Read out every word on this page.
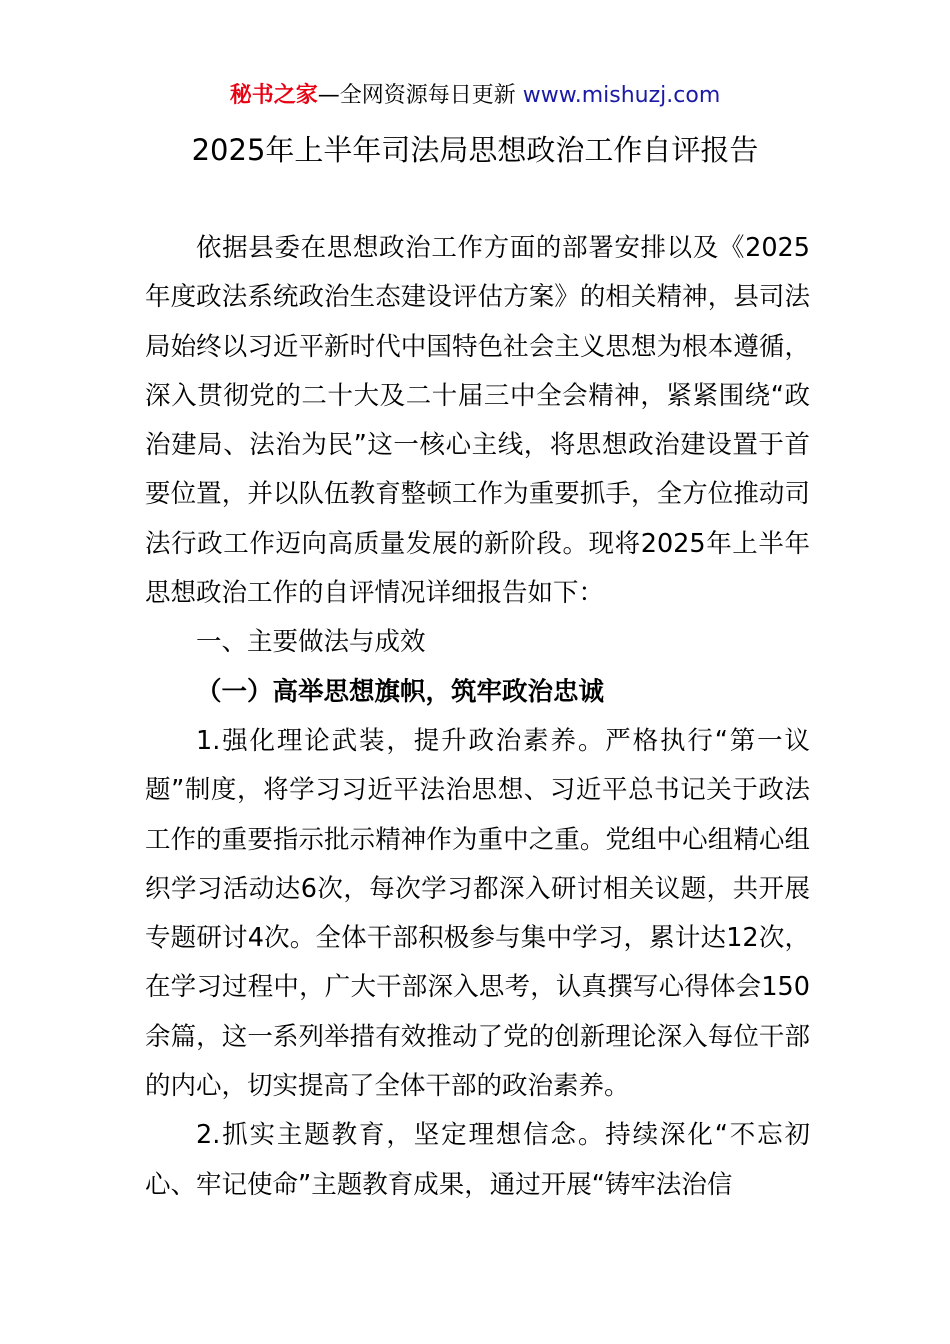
秘书之家—全网资源每日更新 www.mishuzj.com
2025年上半年司法局思想政治工作自评报告

依据县委在思想政治工作方面的部署安排以及《2025年度政法系统政治生态建设评估方案》的相关精神，县司法局始终以习近平新时代中国特色社会主义思想为根本遵循，深入贯彻党的二十大及二十届三中全会精神，紧紧围绕“政治建局、法治为民”这一核心主线，将思想政治建设置于首要位置，并以队伍教育整顿工作为重要抓手，全方位推动司法行政工作迈向高质量发展的新阶段。现将2025年上半年思想政治工作的自评情况详细报告如下：

一、主要做法与成效

（一）高举思想旗帜，筑牢政治忠诚

1.强化理论武装，提升政治素养。严格执行“第一议题”制度，将学习习近平法治思想、习近平总书记关于政法工作的重要指示批示精神作为重中之重。党组中心组精心组织学习活动达6次，每次学习都深入研讨相关议题，共开展专题研讨4次。全体干部积极参与集中学习，累计达12次，在学习过程中，广大干部深入思考，认真撰写心得体会150余篇，这一系列举措有效推动了党的创新理论深入每位干部的内心，切实提高了全体干部的政治素养。

2.抓实主题教育，坚定理想信念。持续深化“不忘初心、牢记使命”主题教育成果，通过开展“铸牢法治信
